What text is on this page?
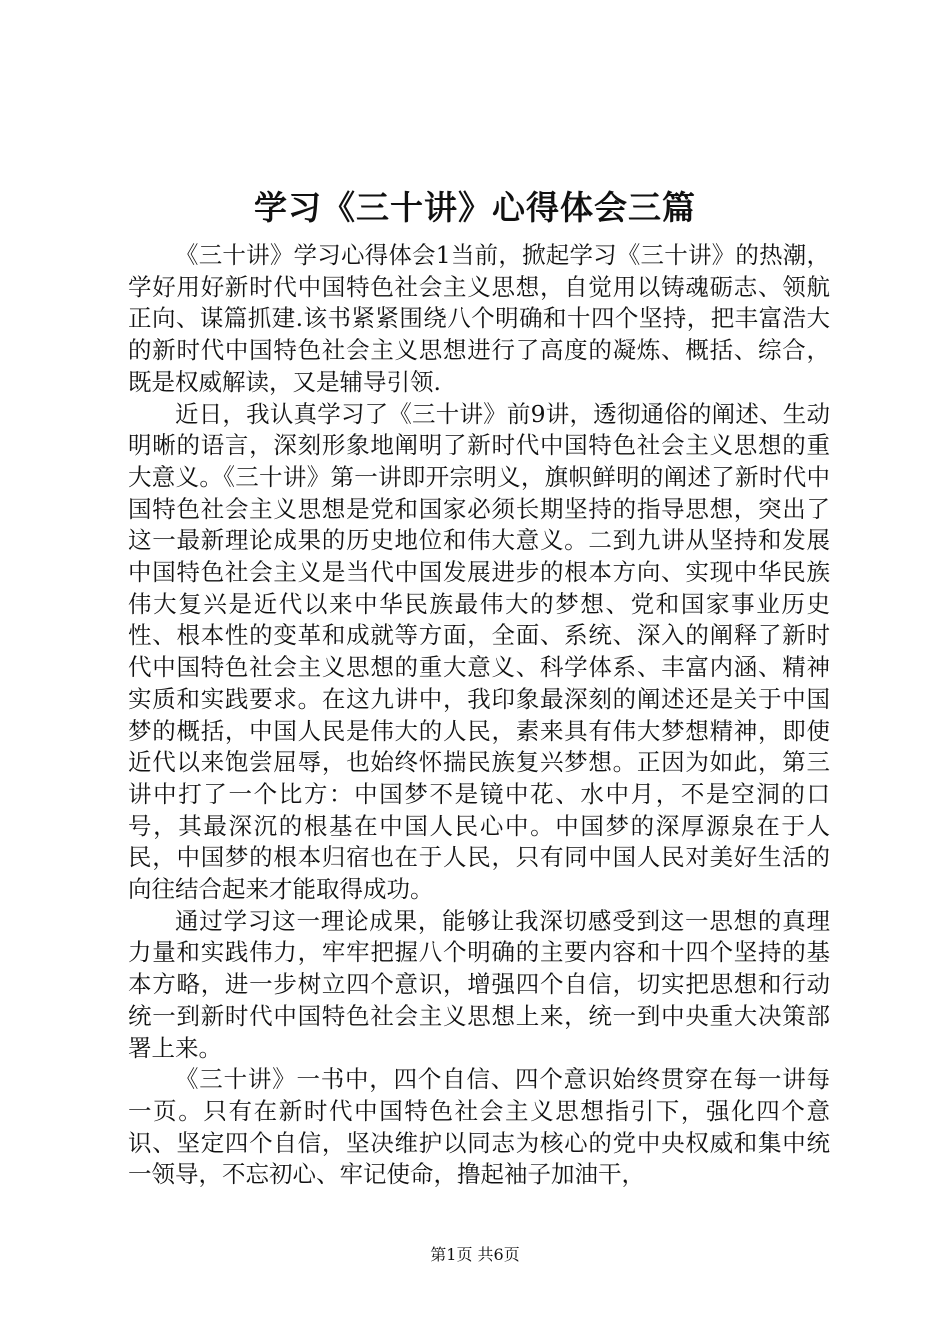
学习《三十讲》心得体会三篇

《三十讲》学习心得体会1当前，掀起学习《三十讲》的热潮，学好用好新时代中国特色社会主义思想，自觉用以铸魂砺志、领航正向、谋篇抓建.该书紧紧围绕八个明确和十四个坚持，把丰富浩大的新时代中国特色社会主义思想进行了高度的凝炼、概括、综合，既是权威解读，又是辅导引领.

近日，我认真学习了《三十讲》前9讲，透彻通俗的阐述、生动明晰的语言，深刻形象地阐明了新时代中国特色社会主义思想的重大意义。《三十讲》第一讲即开宗明义，旗帜鲜明的阐述了新时代中国特色社会主义思想是党和国家必须长期坚持的指导思想，突出了这一最新理论成果的历史地位和伟大意义。二到九讲从坚持和发展中国特色社会主义是当代中国发展进步的根本方向、实现中华民族伟大复兴是近代以来中华民族最伟大的梦想、党和国家事业历史性、根本性的变革和成就等方面，全面、系统、深入的阐释了新时代中国特色社会主义思想的重大意义、科学体系、丰富内涵、精神实质和实践要求。在这九讲中，我印象最深刻的阐述还是关于中国梦的概括，中国人民是伟大的人民，素来具有伟大梦想精神，即使近代以来饱尝屈辱，也始终怀揣民族复兴梦想。正因为如此，第三讲中打了一个比方：中国梦不是镜中花、水中月，不是空洞的口号，其最深沉的根基在中国人民心中。中国梦的深厚源泉在于人民，中国梦的根本归宿也在于人民，只有同中国人民对美好生活的向往结合起来才能取得成功。

通过学习这一理论成果，能够让我深切感受到这一思想的真理力量和实践伟力，牢牢把握八个明确的主要内容和十四个坚持的基本方略，进一步树立四个意识，增强四个自信，切实把思想和行动统一到新时代中国特色社会主义思想上来，统一到中央重大决策部署上来。

《三十讲》一书中，四个自信、四个意识始终贯穿在每一讲每一页。只有在新时代中国特色社会主义思想指引下，强化四个意识、坚定四个自信，坚决维护以同志为核心的党中央权威和集中统一领导，不忘初心、牢记使命，撸起袖子加油干，

第1页 共6页
